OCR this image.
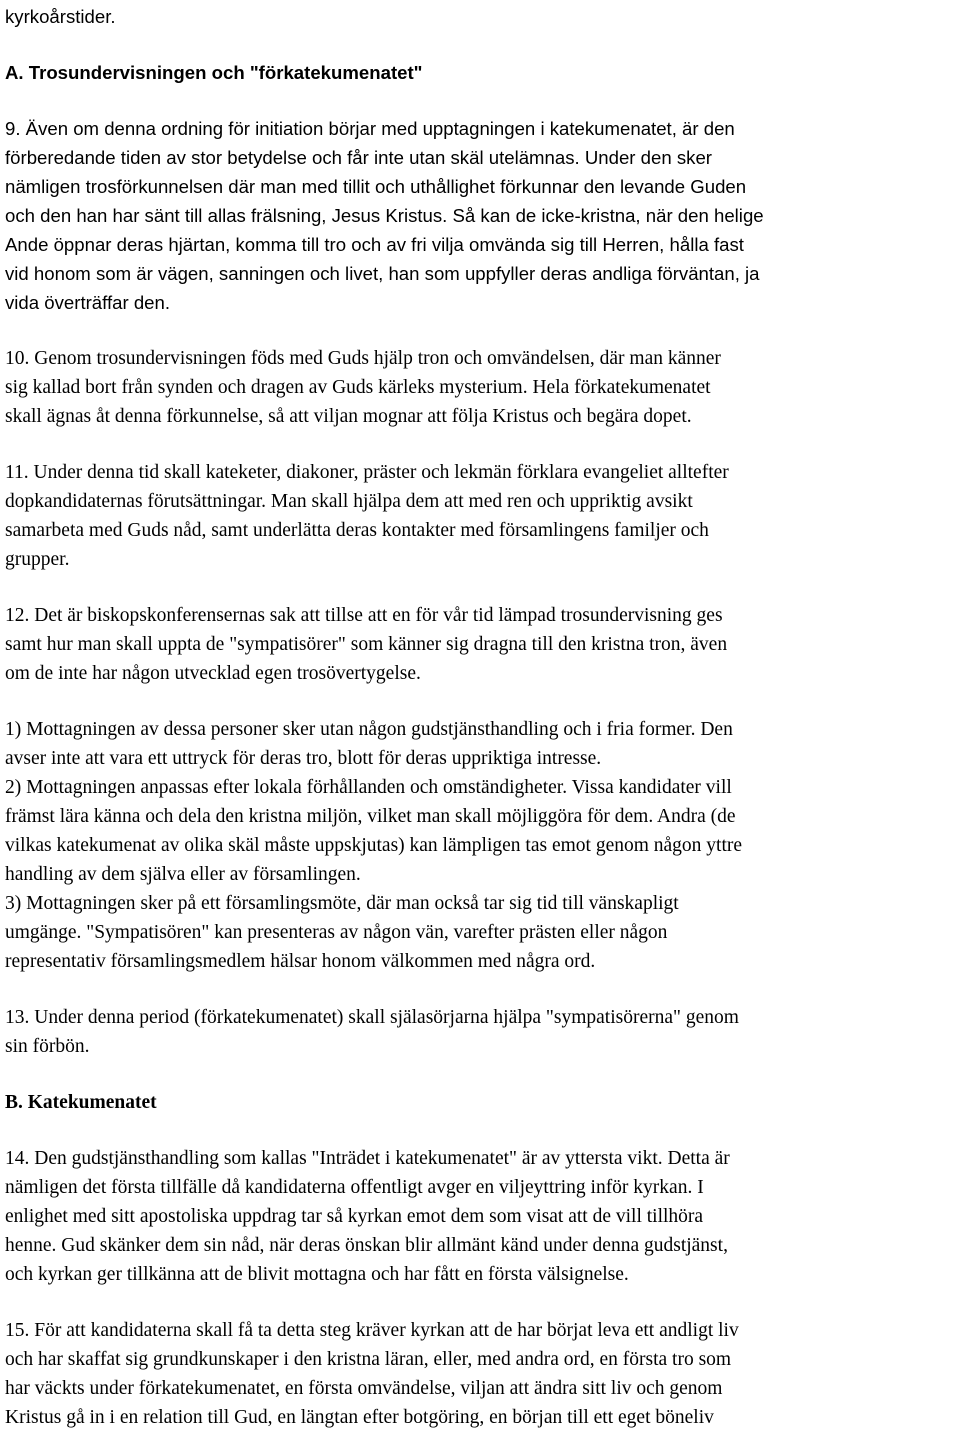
kyrkoårstider.
A. Trosundervisningen och "förkatekumenatet"
9. Även om denna ordning för initiation börjar med upptagningen i katekumenatet, är den
förberedande tiden av stor betydelse och får inte utan skäl utelämnas. Under den sker
nämligen trosförkunnelsen där man med tillit och uthållighet förkunnar den levande Guden
och den han har sänt till allas frälsning, Jesus Kristus. Så kan de icke-kristna, när den helige
Ande öppnar deras hjärtan, komma till tro och av fri vilja omvända sig till Herren, hålla fast
vid honom som är vägen, sanningen och livet, han som uppfyller deras andliga förväntan, ja
vida överträffar den.
10. Genom trosundervisningen föds med Guds hjälp tron och omvändelsen, där man känner
sig kallad bort från synden och dragen av Guds kärleks mysterium. Hela förkatekumenatet
skall ägnas åt denna förkunnelse, så att viljan mognar att följa Kristus och begära dopet.
11. Under denna tid skall kateketer, diakoner, präster och lekmän förklara evangeliet alltefter
dopkandidaternas förutsättningar. Man skall hjälpa dem att med ren och uppriktig avsikt
samarbeta med Guds nåd, samt underlätta deras kontakter med församlingens familjer och
grupper.
12. Det är biskopskonferensernas sak att tillse att en för vår tid lämpad trosundervisning ges
samt hur man skall uppta de "sympatisörer" som känner sig dragna till den kristna tron, även
om de inte har någon utvecklad egen trosövertygelse.
1) Mottagningen av dessa personer sker utan någon gudstjänsthandling och i fria former. Den
avser inte att vara ett uttryck för deras tro, blott för deras uppriktiga intresse.
2) Mottagningen anpassas efter lokala förhållanden och omständigheter. Vissa kandidater vill
främst lära känna och dela den kristna miljön, vilket man skall möjliggöra för dem. Andra (de
vilkas katekumenat av olika skäl måste uppskjutas) kan lämpligen tas emot genom någon yttre
handling av dem själva eller av församlingen.
3) Mottagningen sker på ett församlingsmöte, där man också tar sig tid till vänskapligt
umgänge. "Sympatisören" kan presenteras av någon vän, varefter prästen eller någon
representativ församlingsmedlem hälsar honom välkommen med några ord.
13. Under denna period (förkatekumenatet) skall själasörjarna hjälpa "sympatisörerna" genom
sin förbön.
B. Katekumenatet
14. Den gudstjänsthandling som kallas "Inträdet i katekumenatet" är av yttersta vikt. Detta är
nämligen det första tillfälle då kandidaterna offentligt avger en viljeyttring inför kyrkan. I
enlighet med sitt apostoliska uppdrag tar så kyrkan emot dem som visat att de vill tillhöra
henne. Gud skänker dem sin nåd, när deras önskan blir allmänt känd under denna gudstjänst,
och kyrkan ger tillkänna att de blivit mottagna och har fått en första välsignelse.
15. För att kandidaterna skall få ta detta steg kräver kyrkan att de har börjat leva ett andligt liv
och har skaffat sig grundkunskaper i den kristna läran, eller, med andra ord, en första tro som
har väckts under förkatekumenatet, en första omvändelse, viljan att ändra sitt liv och genom
Kristus gå in i en relation till Gud, en längtan efter botgöring, en början till ett eget böneliv
